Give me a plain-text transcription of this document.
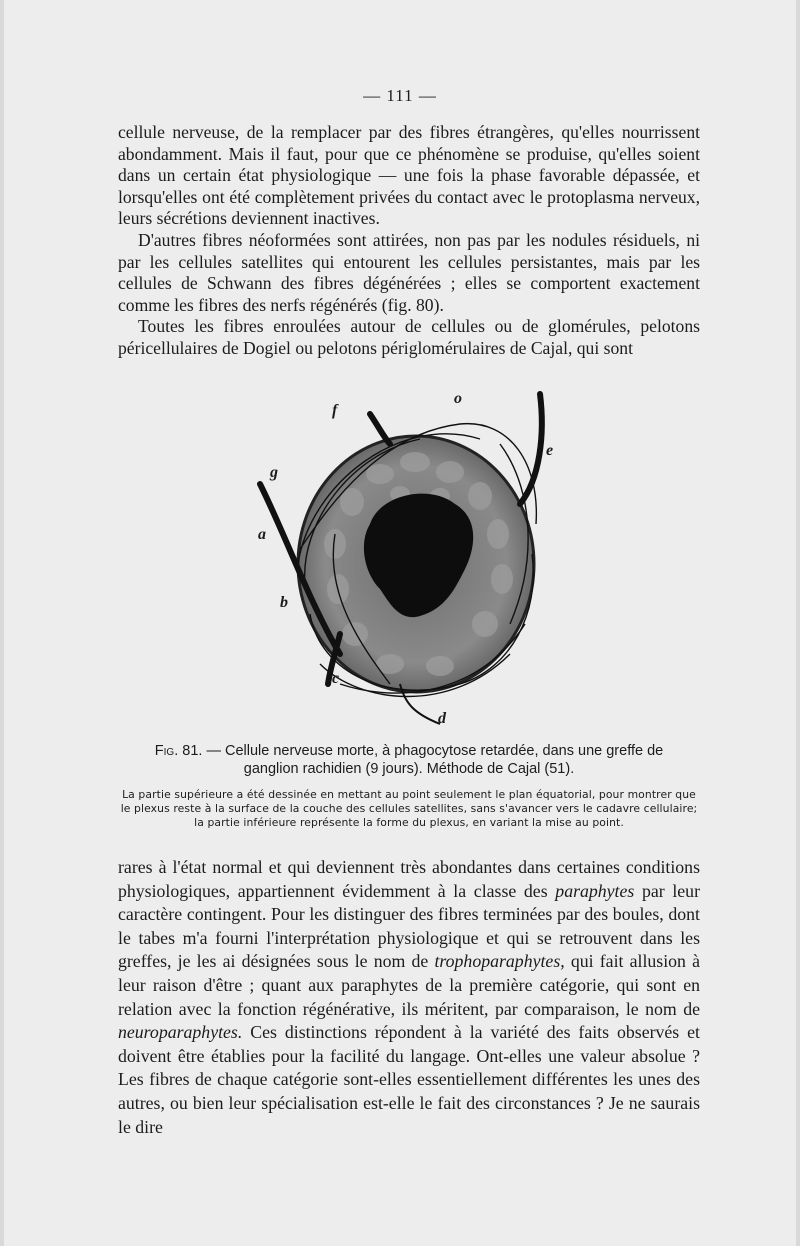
— 111 —

cellule nerveuse, de la remplacer par des fibres étrangères, qu'elles nourrissent abondamment. Mais il faut, pour que ce phénomène se produise, qu'elles soient dans un certain état physiologique — une fois la phase favorable dépassée, et lorsqu'elles ont été complètement privées du contact avec le protoplasma nerveux, leurs sécrétions deviennent inactives.

D'autres fibres néoformées sont attirées, non pas par les nodules résiduels, ni par les cellules satellites qui entourent les cellules persistantes, mais par les cellules de Schwann des fibres dégénérées ; elles se comportent exactement comme les fibres des nerfs régénérés (fig. 80).

Toutes les fibres enroulées autour de cellules ou de glomérules, pelotons péricellulaires de Dogiel ou pelotons périglomérulaires de Cajal, qui sont

f
o
e
g
a
b
c
d
Fig. 81. — Cellule nerveuse morte, à phagocytose retardée, dans une greffe de ganglion rachidien (9 jours). Méthode de Cajal (51).

La partie supérieure a été dessinée en mettant au point seulement le plan équatorial, pour montrer que le plexus reste à la surface de la couche des cellules satellites, sans s'avancer vers le cadavre cellulaire; la partie inférieure représente la forme du plexus, en variant la mise au point.

rares à l'état normal et qui deviennent très abondantes dans certaines conditions physiologiques, appartiennent évidemment à la classe des paraphytes par leur caractère contingent. Pour les distinguer des fibres terminées par des boules, dont le tabes m'a fourni l'interprétation physiologique et qui se retrouvent dans les greffes, je les ai désignées sous le nom de trophoparaphytes, qui fait allusion à leur raison d'être ; quant aux paraphytes de la première catégorie, qui sont en relation avec la fonction régénérative, ils méritent, par comparaison, le nom de neuroparaphytes. Ces distinctions répondent à la variété des faits observés et doivent être établies pour la facilité du langage. Ont-elles une valeur absolue ? Les fibres de chaque catégorie sont-elles essentiellement différentes les unes des autres, ou bien leur spécialisation est-elle le fait des circonstances ? Je ne saurais le dire
